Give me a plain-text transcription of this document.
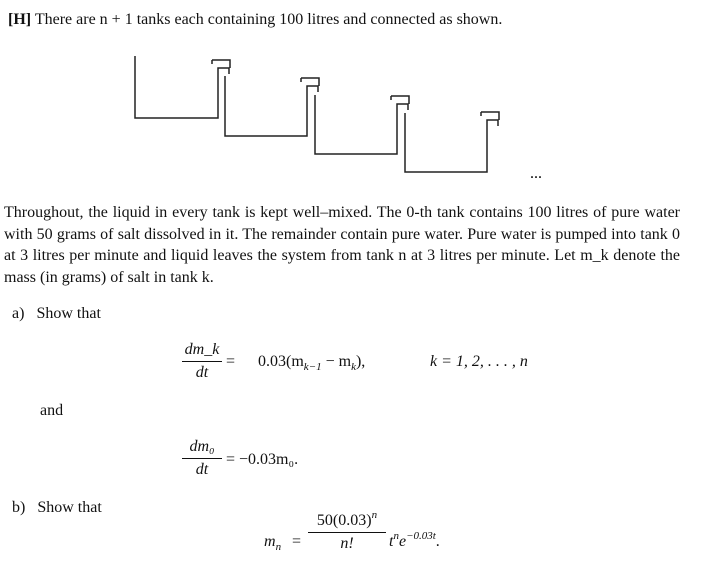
[H] There are n + 1 tanks each containing 100 litres and connected as shown.
...
Throughout, the liquid in every tank is kept well–mixed. The 0-th tank contains 100 litres of pure water with 50 grams of salt dissolved in it. The remainder contain pure water. Pure water is pumped into tank 0 at 3 litres per minute and liquid leaves the system from tank n at 3 litres per minute. Let m_k denote the mass (in grams) of salt in tank k.
a) Show that
$\frac{dm\_k}{dt} = 0.03(m_{k-1} - m_k)$,	k = 1, 2, . . . , n
and
$\frac{\text{dm₀}}{dt} = -0.03m_0$.
b) Show that
$m_n = \frac{50(0.03)^n}{n!} t^ne^{-0.03t}$.
